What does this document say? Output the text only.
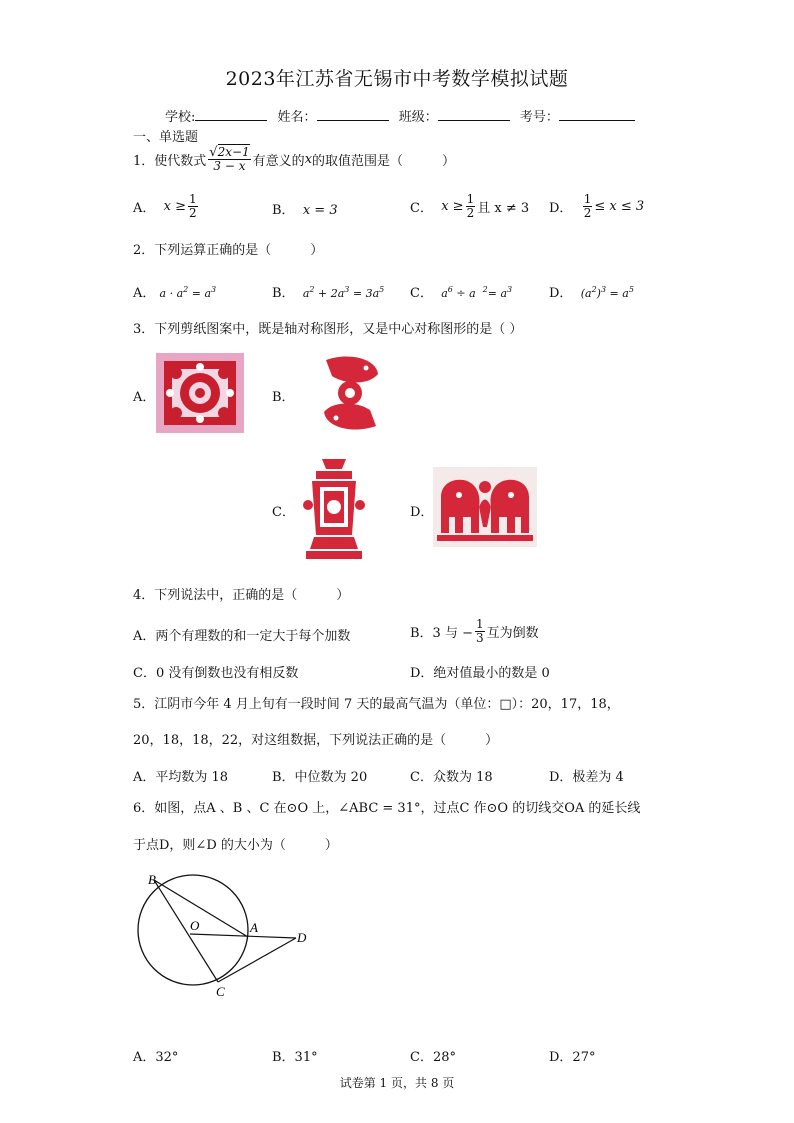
2023年江苏省无锡市中考数学模拟试题
学校:	姓名：	班级：	考号：
一、单选题
1．使代数式 $\frac{√2x-1}{3 - x}$ 有意义的 x 的取值范围是（　　　）
A．
$x \ge \frac{1}{2}$	B． x = 3	C．
$x \ge \frac{1}{2}$ 且 x ≠ 3 D．
$\frac{1}{2} \le x \le 3$
2．下列运算正确的是（　　　）
A． $a \cdot a^2 = a^3$	B． $a^2 + 2a^3 = 3a^5$ C． $a^6 \div a$  $^2= a^3$	D． $(a^2)^3 = a^5$
3．下列剪纸图案中，既是轴对称图形，又是中心对称图形的是（ ）
A．	B．
C．	D．
4．下列说法中，正确的是（　　　）
A．两个有理数的和一定大于每个加数	B．3 与 − $\frac{1}{3}$ 互为倒数
C．0 没有倒数也没有相反数	D．绝对值最小的数是 0
5．江阴市今年 4 月上旬有一段时间 7 天的最高气温为（单位：□）：20，17，18，
20，18，18，22，对这组数据，下列说法正确的是（　　　）
A．平均数为 18	B．中位数为 20	C．众数为 18	D．极差为 4
6．如图，点A 、B 、C 在⊙O 上，∠ABC = 31°，过点C 作⊙O 的切线交OA 的延长线
于点D，则∠D 的大小为（　　　）
B
O	A
D
C
A．32°	B．31°	C．28°	D．27°
试卷第 1 页，共 8 页
